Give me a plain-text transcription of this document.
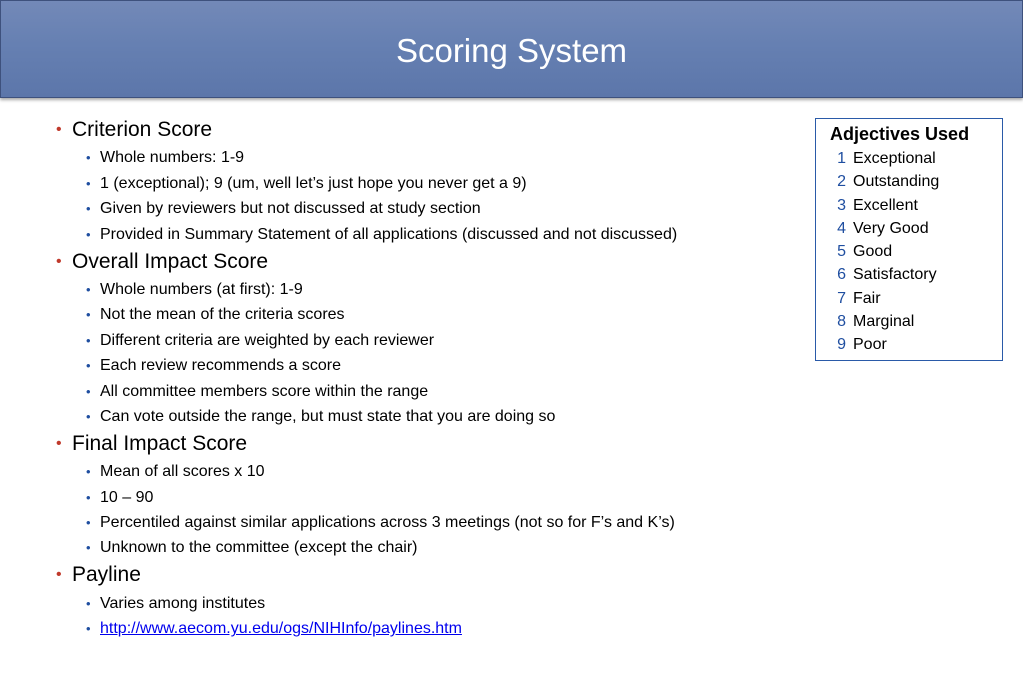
Scoring System
• Criterion Score
• Whole numbers: 1-9
• 1 (exceptional); 9 (um, well let’s just hope you never get a 9)
• Given by reviewers but not discussed at study section
• Provided in Summary Statement of all applications (discussed and not discussed)
• Overall Impact Score
• Whole numbers (at first): 1-9
• Not the mean of the criteria scores
• Different criteria are weighted by each reviewer
• Each review recommends a score
• All committee members score within the range
• Can vote outside the range, but must state that you are doing so
• Final Impact Score
• Mean of all scores x 10
• 10 – 90
• Percentiled against similar applications across 3 meetings (not so for F’s and K’s)
• Unknown to the committee (except the chair)
• Payline
• Varies among institutes
• http://www.aecom.yu.edu/ogs/NIHInfo/paylines.htm
Adjectives Used
1 Exceptional
2 Outstanding
3 Excellent
4 Very Good
5 Good
6 Satisfactory
7 Fair
8 Marginal
9 Poor
